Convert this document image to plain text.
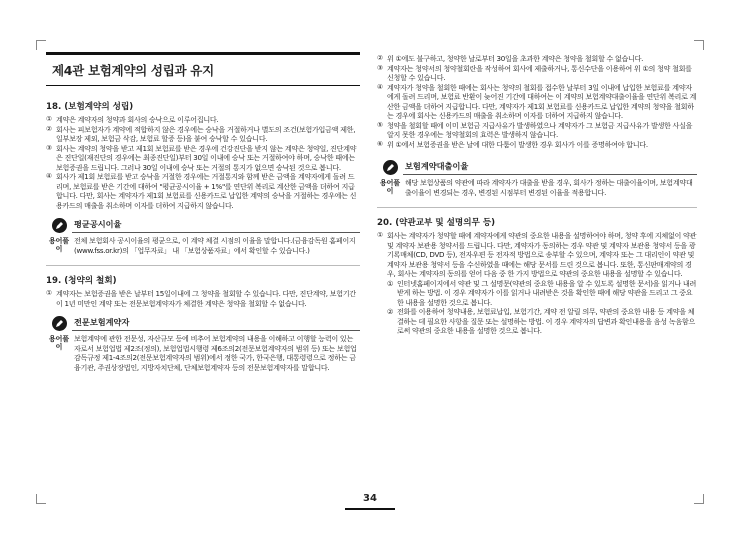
제4관 보험계약의 성립과 유지
18. (보험계약의 성립)
① 계약은 계약자의 청약과 회사의 승낙으로 이루어집니다.
② 회사는 피보험자가 계약에 적합하지 않은 경우에는 승낙을 거절하거나 별도의 조건(보험가입금액 제한, 일부보장 제외, 보험금 삭감, 보험료 할증 등)을 붙여 승낙할 수 있습니다.
③ 회사는 계약의 청약을 받고 제1회 보험료를 받은 경우에 건강진단을 받지 않는 계약은 청약일, 진단계약은 진단일(재진단의 경우에는 최종진단일)부터 30일 이내에 승낙 또는 거절하여야 하며, 승낙한 때에는 보험증권을 드립니다. 그러나 30일 이내에 승낙 또는 거절의 통지가 없으면 승낙된 것으로 봅니다.
④ 회사가 제1회 보험료를 받고 승낙을 거절한 경우에는 거절통지와 함께 받은 금액을 계약자에게 돌려 드리며, 보험료를 받은 기간에 대하여 "평균공시이율 + 1%"를 연단위 복리로 계산한 금액을 더하여 지급합니다. 다만, 회사는 계약자가 제1회 보험료를 신용카드로 납입한 계약의 승낙을 거절하는 경우에는 신용카드의 매출을 취소하며 이자를 더하여 지급하지 않습니다.
용어풀이
평균공시이율
전체 보험회사 공시이율의 평균으로, 이 계약 체결 시점의 이율을 말합니다.(금융감독원 홈페이지(www.fss.or.kr)의 「업무자료」 내 「보험상품자료」에서 확인할 수 있습니다.)
19. (청약의 철회)
① 계약자는 보험증권을 받은 날부터 15일이내에 그 청약을 철회할 수 있습니다. 다만, 진단계약, 보험기간이 1년 미만인 계약 또는 전문보험계약자가 체결한 계약은 청약을 철회할 수 없습니다.
용어풀이
전문보험계약자
보험계약에 관한 전문성, 자산규모 등에 비추어 보험계약의 내용을 이해하고 이행할 능력이 있는 자로서 보험업법 제2조(정의), 보험업법시행령 제6조의2(전문보험계약자의 범위 등) 또는 보험업감독규정 제1-4조의2(전문보험계약자의 범위)에서 정한 국가, 한국은행, 대통령령으로 정하는 금융기관, 주권상장법인, 지방자치단체, 단체보험계약자 등의 전문보험계약자를 말합니다.
② 위 ①에도 불구하고, 청약한 날로부터 30일을 초과한 계약은 청약을 철회할 수 없습니다.
③ 계약자는 청약서의 청약철회란을 작성하여 회사에 제출하거나, 통신수단을 이용하여 위 ①의 청약 철회를 신청할 수 있습니다.
④ 계약자가 청약을 철회한 때에는 회사는 청약의 철회를 접수한 날부터 3일 이내에 납입한 보험료를 계약자에게 돌려 드리며, 보험료 반환이 늦어진 기간에 대하여는 이 계약의 보험계약대출이율을 연단위 복리로 계산한 금액을 더하여 지급합니다. 다만, 계약자가 제1회 보험료를 신용카드로 납입한 계약의 청약을 철회하는 경우에 회사는 신용카드의 매출을 취소하며 이자를 더하여 지급하지 않습니다.
⑤ 청약을 철회할 때에 이미 보험금 지급사유가 발생하였으나 계약자가 그 보험금 지급사유가 발생한 사실을 알지 못한 경우에는 청약철회의 효력은 발생하지 않습니다.
⑥ 위 ①에서 보험증권을 받은 날에 대한 다툼이 발생한 경우 회사가 이를 증명하여야 합니다.
용어풀이
보험계약대출이율
해당 보험상품의 약관에 따라 계약자가 대출을 받을 경우, 회사가 정하는 대출이율이며, 보험계약대출이율이 변경되는 경우, 변경된 시점부터 변경된 이율을 적용합니다.
20. (약관교부 및 설명의무 등)
① 회사는 계약자가 청약할 때에 계약자에게 약관의 중요한 내용을 설명하여야 하며, 청약 후에 지체없이 약관 및 계약자 보관용 청약서를 드립니다. 다만, 계약자가 동의하는 경우 약관 및 계약자 보관용 청약서 등을 광기록매체(CD, DVD 등), 전자우편 등 전자적 방법으로 송부할 수 있으며, 계약자 또는 그 대리인이 약관 및 계약자 보관용 청약서 등을 수신하였을 때에는 해당 문서를 드린 것으로 봅니다. 또한, 통신판매계약의 경우, 회사는 계약자의 동의를 얻어 다음 중 한 가지 방법으로 약관의 중요한 내용을 설명할 수 있습니다.
① 인터넷홈페이지에서 약관 및 그 설명문(약관의 중요한 내용을 알 수 있도록 설명한 문서)을 읽거나 내려받게 하는 방법. 이 경우 계약자가 이를 읽거나 내려받은 것을 확인한 때에 해당 약관을 드리고 그 중요한 내용을 설명한 것으로 봅니다.
② 전화를 이용하여 청약내용, 보험료납입, 보험기간, 계약 전 알릴 의무, 약관의 중요한 내용 등 계약을 체결하는 데 필요한 사항을 질문 또는 설명하는 방법. 이 경우 계약자의 답변과 확인내용을 음성 녹음함으로써 약관의 중요한 내용을 설명한 것으로 봅니다.
34
